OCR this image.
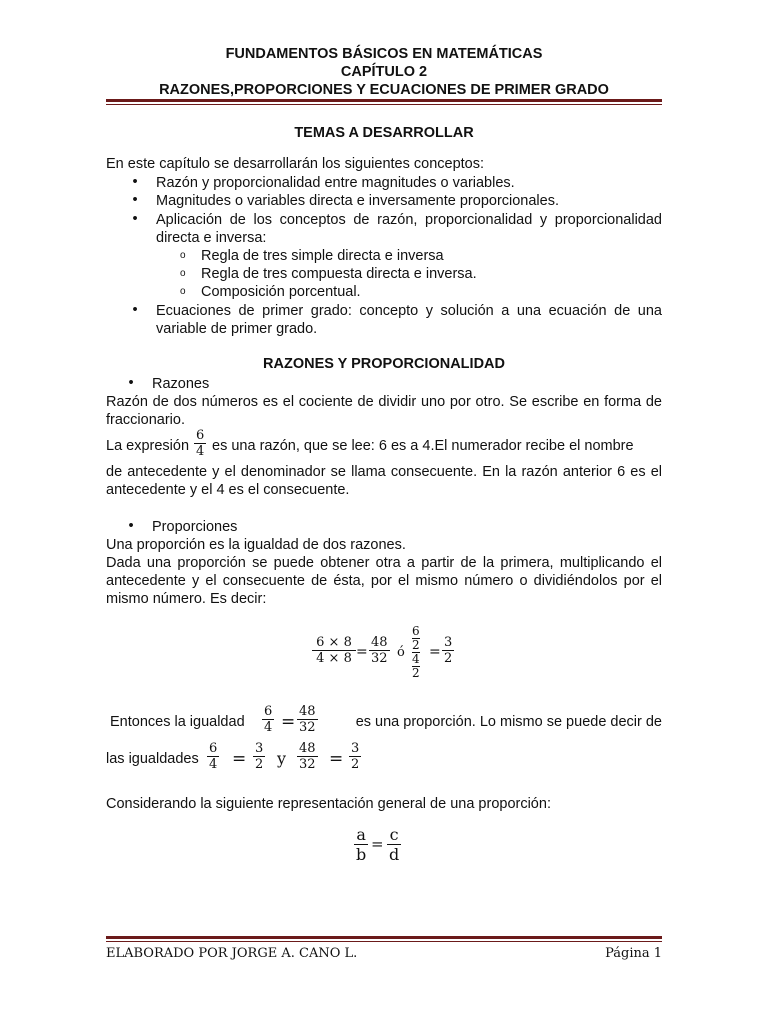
FUNDAMENTOS BÁSICOS EN MATEMÁTICAS
CAPÍTULO 2
RAZONES,PROPORCIONES Y ECUACIONES DE PRIMER GRADO
TEMAS A DESARROLLAR
En este capítulo se desarrollarán los siguientes conceptos:
• Razón y proporcionalidad entre magnitudes o variables.
• Magnitudes o variables directa e inversamente proporcionales.
• Aplicación de los conceptos de razón, proporcionalidad y proporcionalidad directa e inversa:
o
Regla de tres simple directa e inversa
o
o
Regla de tres compuesta directa e inversa.
Composición porcentual.
• Ecuaciones de primer grado: concepto y solución a una ecuación de una variable de primer grado.
RAZONES Y PROPORCIONALIDAD
• Razones
Razón de dos números es el cociente de dividir uno por otro. Se escribe en forma de fraccionario.
La expresión $\frac{6}{4}$ es una razón, que se lee: 6 es a 4.El numerador recibe el nombre
de antecedente y el denominador se llama consecuente. En la razón anterior 6 es el antecedente y el 4 es el consecuente.
• Proporciones
Una proporción es la igualdad de dos razones.
Dada una proporción se puede obtener otra a partir de la primera, multiplicando el antecedente y el consecuente de ésta, por el mismo número o dividiéndolos por el mismo número. Es decir:
$\frac{6 \times 8}{4 \times 8} = \frac{48}{32}$ ó 6
2
4
$2 = \frac{3}{2}$
Entonces la igualdad $\frac{6}{4} = \frac{48}{32}$	es una proporción. Lo mismo se puede decir de
las igualdades $\frac{6}{4} = \frac{3}{2}$ y $\frac{48}{32} = \frac{3}{2}$
Considerando la siguiente representación general de una proporción:
$\frac{a}{b} = \frac{c}{d}$
ELABORADO POR JORGE A. CANO L.	Página 1
